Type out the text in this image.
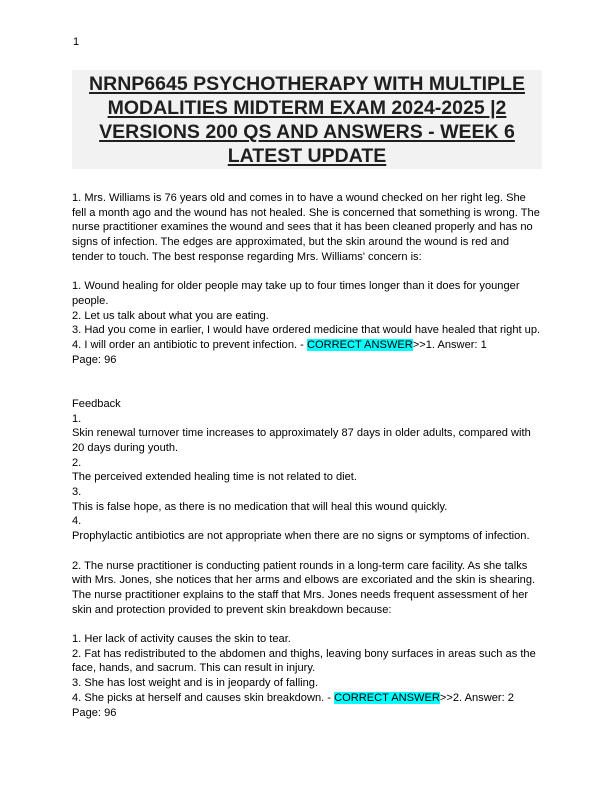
1
NRNP6645 PSYCHOTHERAPY WITH MULTIPLE MODALITIES MIDTERM EXAM 2024-2025 |2 VERSIONS 200 QS AND ANSWERS - WEEK 6 LATEST UPDATE

1. Mrs. Williams is 76 years old and comes in to have a wound checked on her right leg. She fell a month ago and the wound has not healed. She is concerned that something is wrong. The nurse practitioner examines the wound and sees that it has been cleaned properly and has no signs of infection. The edges are approximated, but the skin around the wound is red and tender to touch. The best response regarding Mrs. Williams' concern is:

1. Wound healing for older people may take up to four times longer than it does for younger people.

2. Let us talk about what you are eating.

3. Had you come in earlier, I would have ordered medicine that would have healed that right up.

4. I will order an antibiotic to prevent infection. - CORRECT ANSWER>>1. Answer: 1

Page: 96

Feedback

1.

Skin renewal turnover time increases to approximately 87 days in older adults, compared with 20 days during youth.

2.

The perceived extended healing time is not related to diet.

3.

This is false hope, as there is no medication that will heal this wound quickly.

4.

Prophylactic antibiotics are not appropriate when there are no signs or symptoms of infection.

2. The nurse practitioner is conducting patient rounds in a long-term care facility. As she talks with Mrs. Jones, she notices that her arms and elbows are excoriated and the skin is shearing. The nurse practitioner explains to the staff that Mrs. Jones needs frequent assessment of her skin and protection provided to prevent skin breakdown because:

1. Her lack of activity causes the skin to tear.

2. Fat has redistributed to the abdomen and thighs, leaving bony surfaces in areas such as the face, hands, and sacrum. This can result in injury.

3. She has lost weight and is in jeopardy of falling.

4. She picks at herself and causes skin breakdown. - CORRECT ANSWER>>2. Answer: 2

Page: 96
